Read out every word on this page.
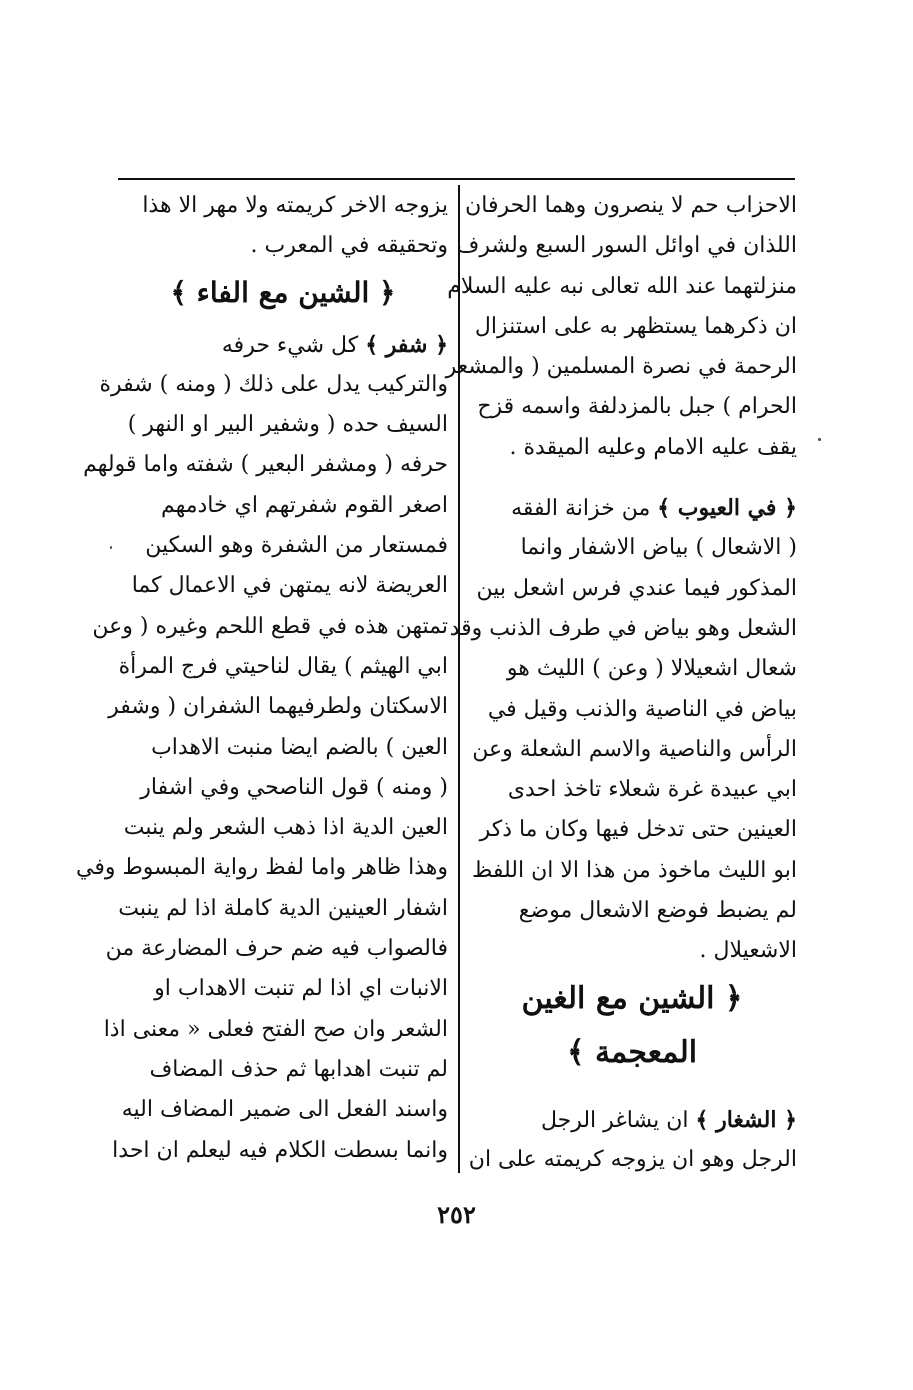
الاحزاب حم لا ينصرون وهما الحرفان
اللذان في اوائل السور السبع ولشرف
منزلتهما عند الله تعالى نبه عليه السلام
ان ذكرهما يستظهر به على استنزال
الرحمة في نصرة المسلمين ( والمشعر
الحرام ) جبل بالمزدلفة واسمه قزح
يقف عليه الامام وعليه الميقدة .
﴿ في العيوب ﴾ من خزانة الفقه
( الاشعال ) بياض الاشفار وانما
المذكور فيما عندي فرس اشعل بين
الشعل وهو بياض في طرف الذنب وقد
شعال اشعيلالا ( وعن ) الليث هو
بياض في الناصية والذنب وقيل في
الرأس والناصية والاسم الشعلة وعن
ابي عبيدة غرة شعلاء تاخذ احدى
العينين حتى تدخل فيها وكان ما ذكر
ابو الليث ماخوذ من هذا الا ان اللفظ
لم يضبط فوضع الاشعال موضع
الاشعيلال .
﴿ الشين مع الغين
المعجمة ﴾
﴿ الشغار ﴾ ان يشاغر الرجل
الرجل وهو ان يزوجه كريمته على ان
يزوجه الاخر كريمته ولا مهر الا هذا
وتحقيقه في المعرب .
﴿ الشين مع الفاء ﴾
﴿ شفر ﴾ كل شيء حرفه
والتركيب يدل على ذلك ( ومنه ) شفرة
السيف حده ( وشفير البير او النهر )
حرفه ( ومشفر البعير ) شفته واما قولهم
اصغر القوم شفرتهم اي خادمهم
فمستعار من الشفرة وهو السكين
العريضة لانه يمتهن في الاعمال كما
تمتهن هذه في قطع اللحم وغيره ( وعن
ابي الهيثم ) يقال لناحيتي فرج المرأة
الاسكتان ولطرفيهما الشفران ( وشفر
العين ) بالضم ايضا منبت الاهداب
( ومنه ) قول الناصحي وفي اشفار
العين الدية اذا ذهب الشعر ولم ينبت
وهذا ظاهر واما لفظ رواية المبسوط وفي
اشفار العينين الدية كاملة اذا لم ينبت
فالصواب فيه ضم حرف المضارعة من
الانبات اي اذا لم تنبت الاهداب او
الشعر وان صح الفتح فعلى « معنى اذا
لم تنبت اهدابها ثم حذف المضاف
واسند الفعل الى ضمير المضاف اليه
وانما بسطت الكلام فيه ليعلم ان احدا
٢٥٢
